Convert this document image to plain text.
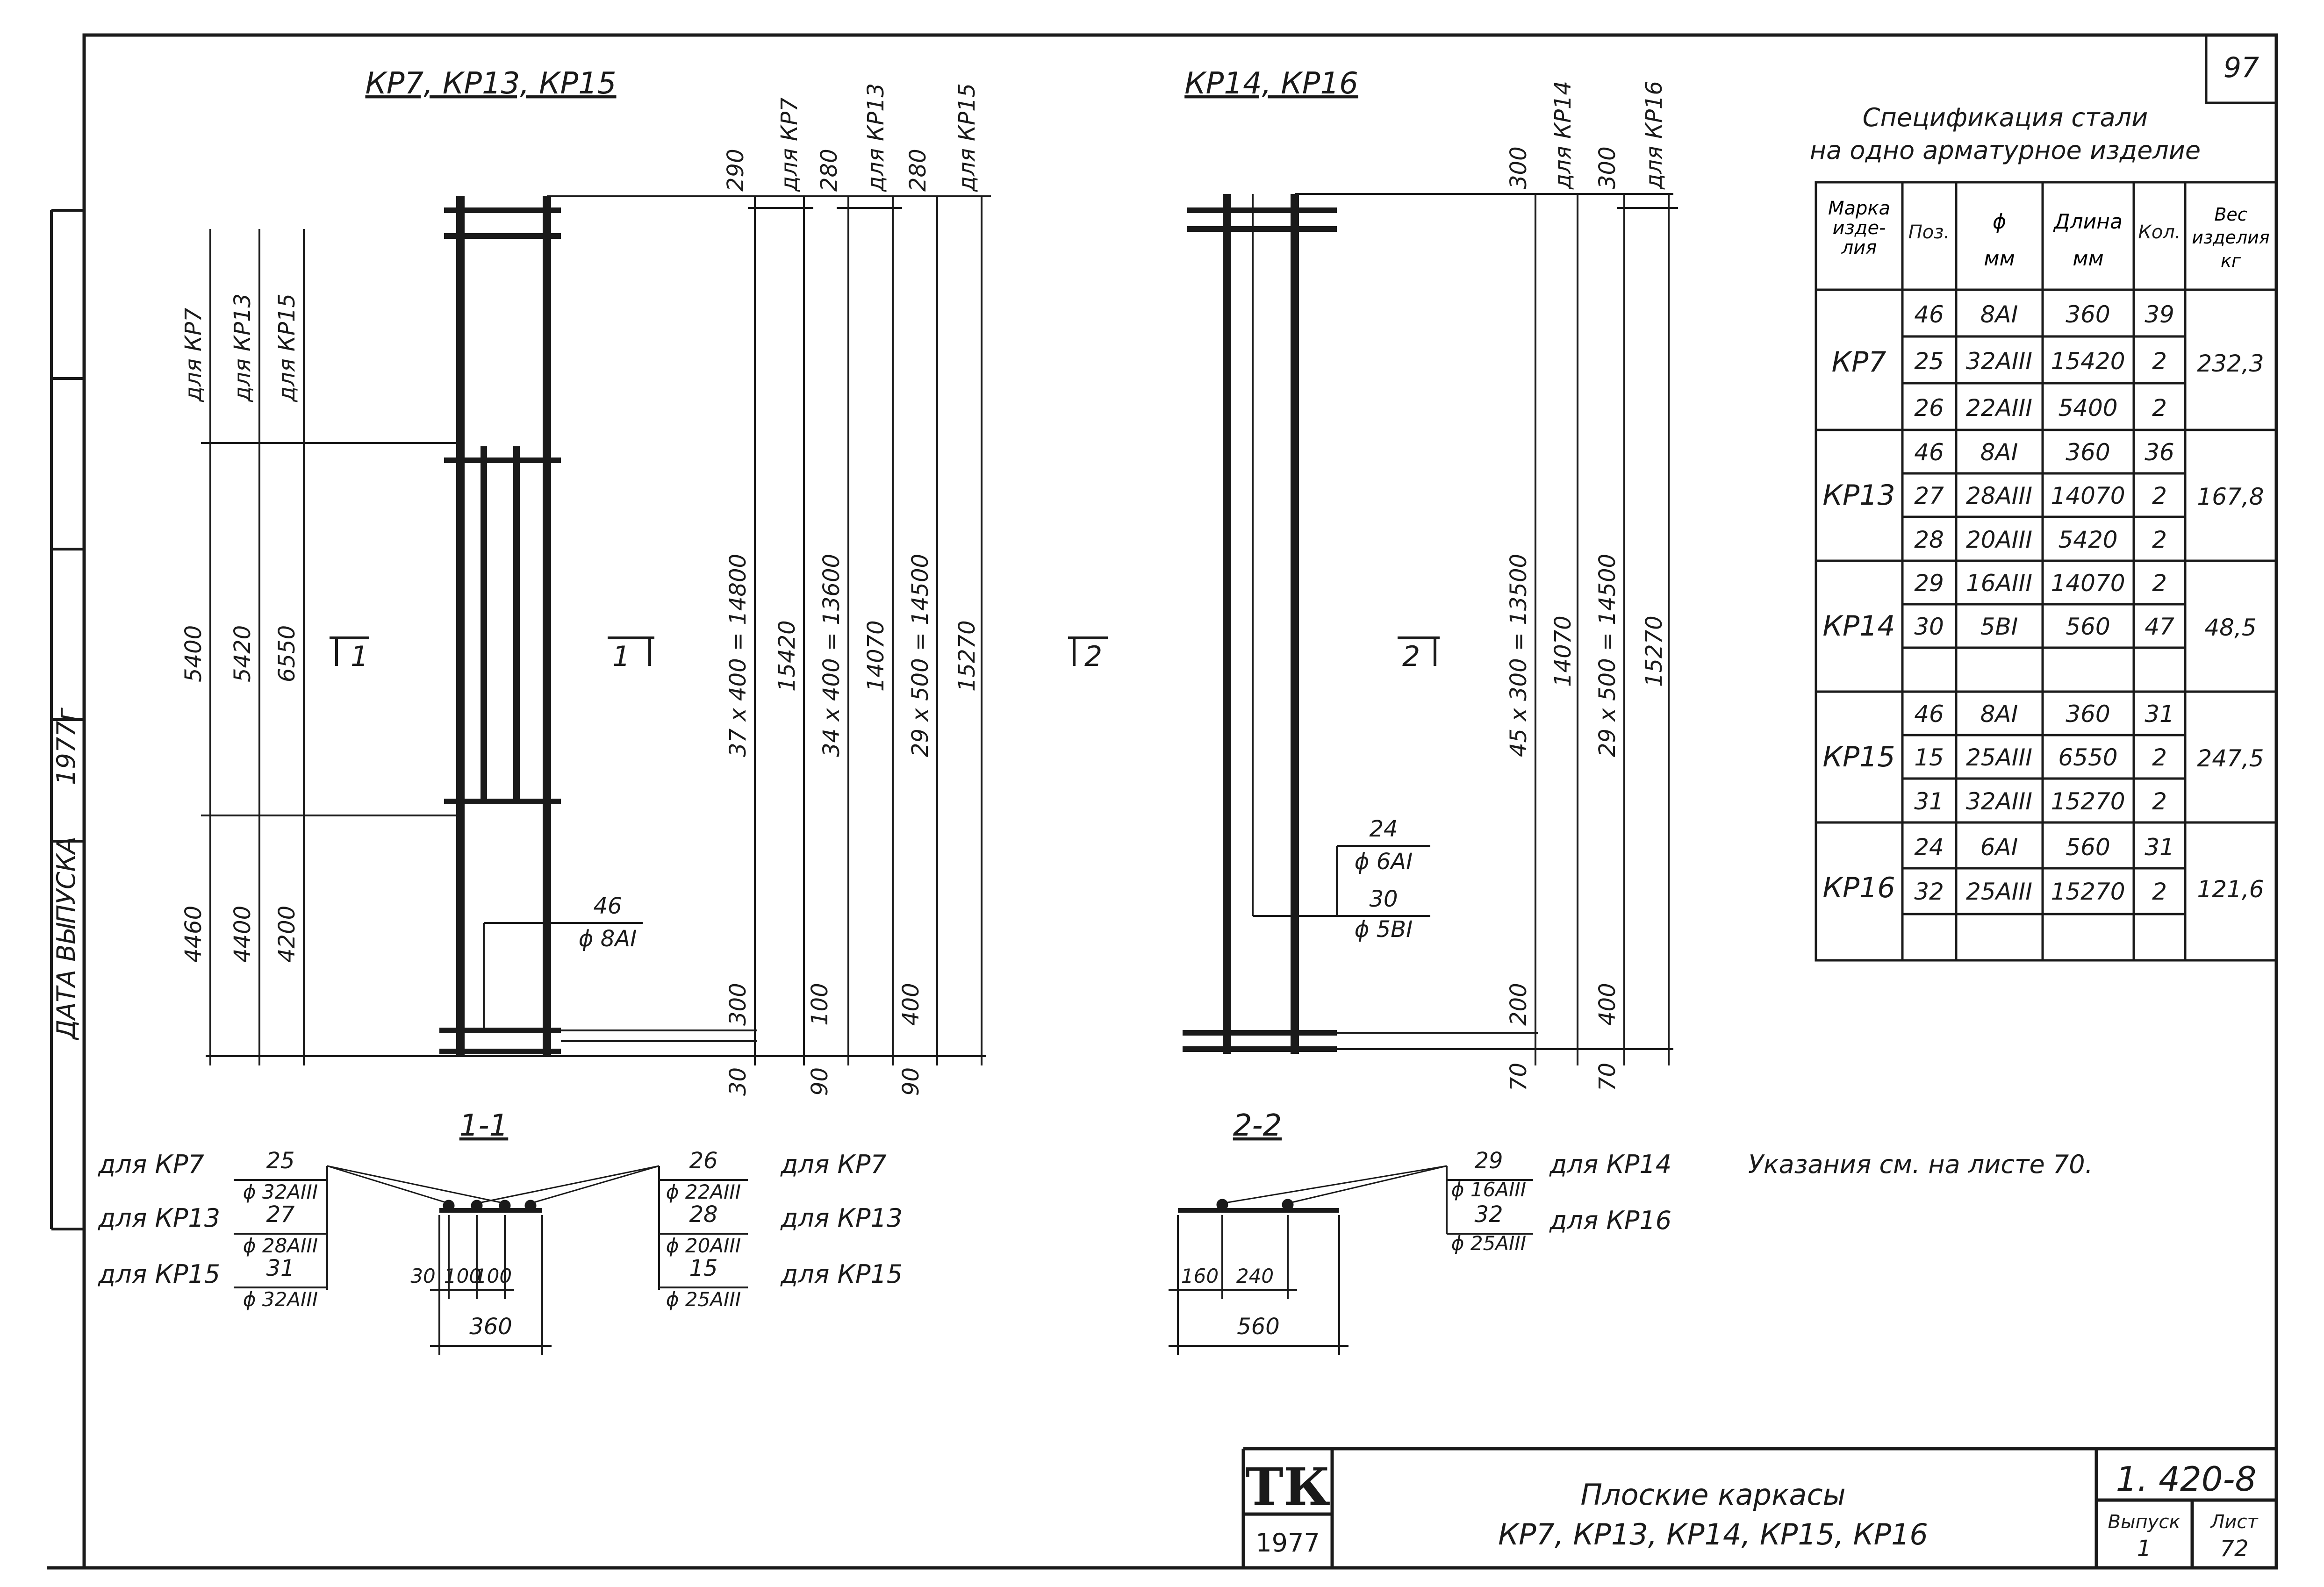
97
ДАТА ВЫПУСКА
1977г
КР7, КР13, КР15
290 для КР7 280 для КР13 280 для КР15
для КР7 для КР13 для КР15
5400 5420 6550
4460 4400 4200
37 x 400 = 14800 15420 34 x 400 = 13600 14070 29 x 500 = 14500 15270
300 100	400
30 90	90
1	1
46
ϕ 8AI
КР14, КР16
300 для КР14 300 для КР16
45 x 300 = 13500 14070 29 x 500 = 14500 15270
200	400
70	70
2	2
24
ϕ 6AI
30
ϕ 5BI
1-1
для КР7
для КР13
для КР15
25
ϕ 32АIII
27
ϕ 28АIII
31
ϕ 32АIII
26
ϕ 22АIII
28
ϕ 20АIII
15
ϕ 25АIII
для КР7
для КР13
для КР15
30 100
100
360
2-2
29
ϕ 16АIII
32
ϕ 25АIII
для КР14
для КР16
160 240
560
Указания см. на листе 70.
Спецификация стали
на одно арматурное изделие
Марка изде-лия
Поз.	ϕ мм
Длина мм
Кол.
Вес изделия кг
КР7	232,3
46 8AI 360 39
25 32АIII 15420 2
26 22АIII 5400 2
КР13	167,8
46 8AI 360 36
27 28АIII 14070 2
28 20АIII 5420 2
КР14	48,5
29 16АIII 14070 2
30 5BI 560 47
КР15	247,5
46 8AI 360 31
15 25АIII 6550 2
31 32АIII 15270 2
КР16	121,6
24 6AI 560 31
32 25АIII 15270 2
ТК
1977
Плоские каркасы
КР7, КР13, КР14, КР15, КР16
1. 420-8
Выпуск
1
Лист
72
